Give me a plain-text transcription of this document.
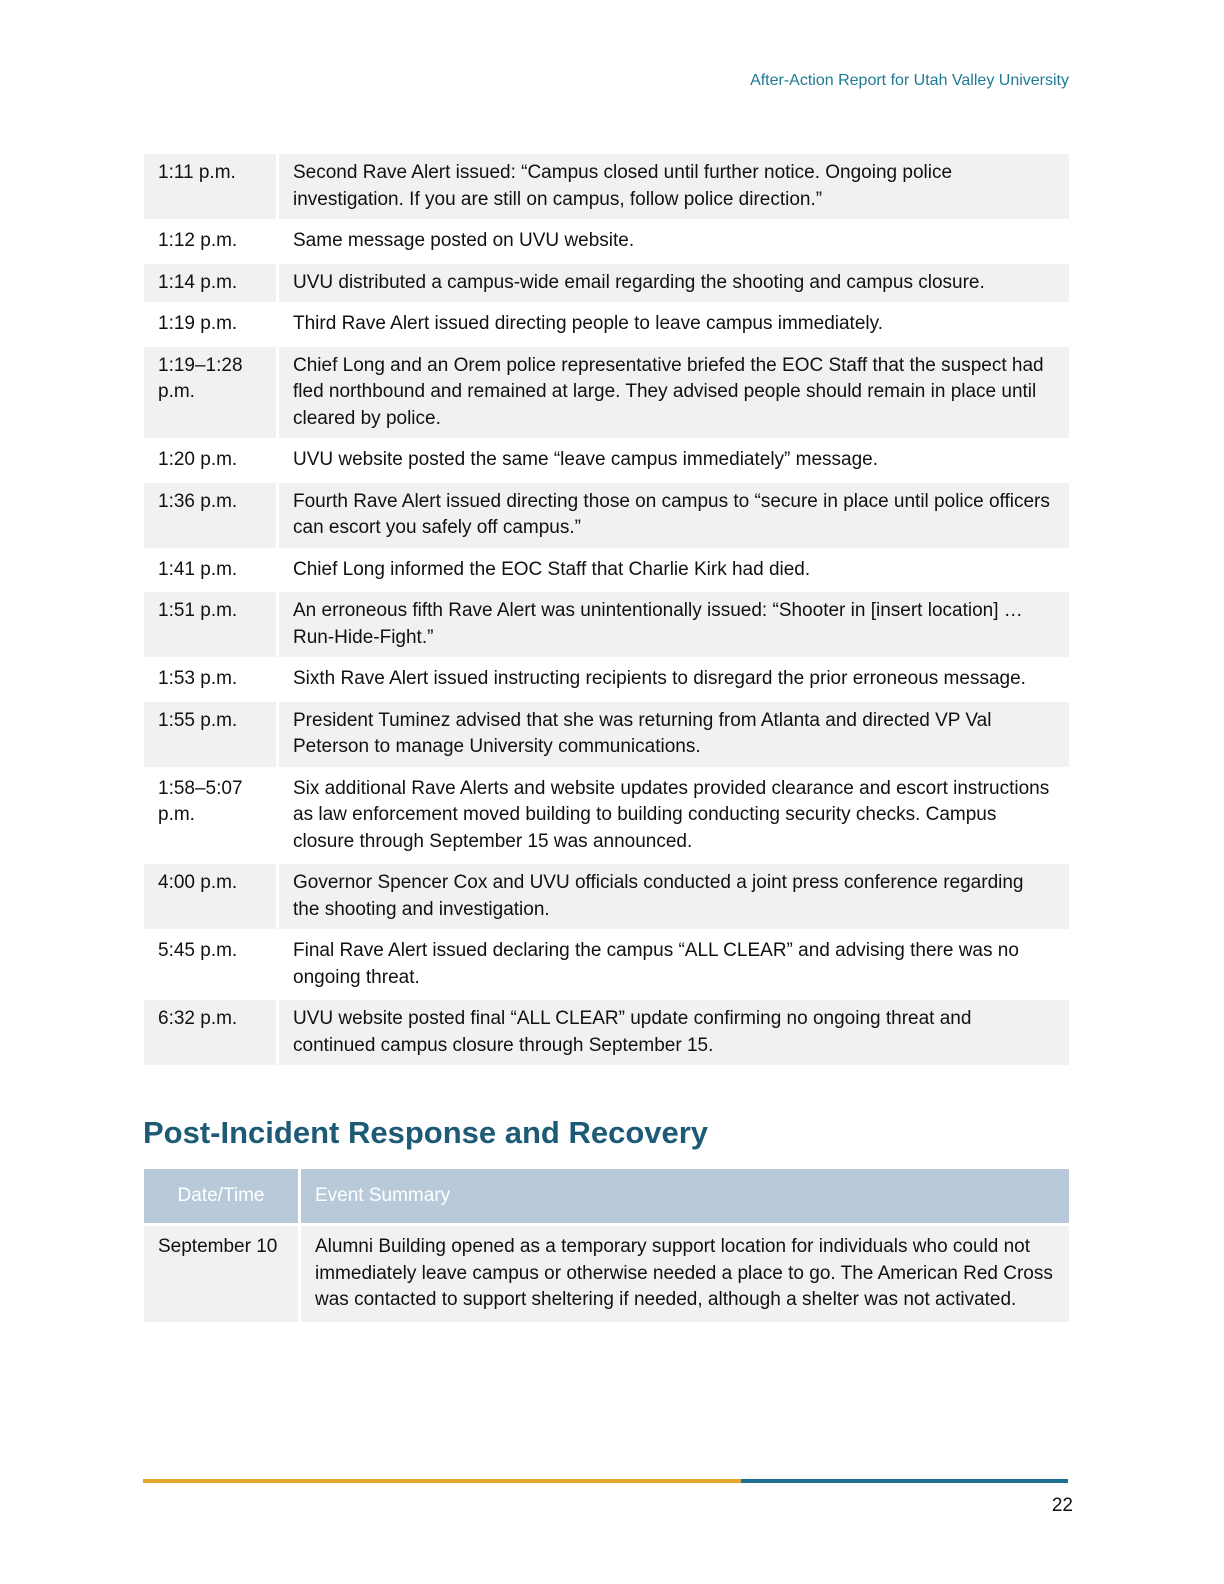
After-Action Report for Utah Valley University
1:11 p.m.	Second Rave Alert issued: “Campus closed until further notice. Ongoing police investigation. If you are still on campus, follow police direction.”
1:12 p.m.	Same message posted on UVU website.
1:14 p.m.	UVU distributed a campus-wide email regarding the shooting and campus closure.
1:19 p.m.	Third Rave Alert issued directing people to leave campus immediately.
1:19–1:28 p.m.	Chief Long and an Orem police representative briefed the EOC Staff that the suspect had fled northbound and remained at large. They advised people should remain in place until cleared by police.
1:20 p.m.	UVU website posted the same “leave campus immediately” message.
1:36 p.m.	Fourth Rave Alert issued directing those on campus to “secure in place until police officers can escort you safely off campus.”
1:41 p.m.	Chief Long informed the EOC Staff that Charlie Kirk had died.
1:51 p.m.	An erroneous fifth Rave Alert was unintentionally issued: “Shooter in [insert location] … Run-Hide-Fight.”
1:53 p.m.	Sixth Rave Alert issued instructing recipients to disregard the prior erroneous message.
1:55 p.m.	President Tuminez advised that she was returning from Atlanta and directed VP Val Peterson to manage University communications.
1:58–5:07 p.m.	Six additional Rave Alerts and website updates provided clearance and escort instructions as law enforcement moved building to building conducting security checks. Campus closure through September 15 was announced.
4:00 p.m.	Governor Spencer Cox and UVU officials conducted a joint press conference regarding the shooting and investigation.
5:45 p.m.	Final Rave Alert issued declaring the campus “ALL CLEAR” and advising there was no ongoing threat.
6:32 p.m.	UVU website posted final “ALL CLEAR” update confirming no ongoing threat and continued campus closure through September 15.
Post-Incident Response and Recovery
Date/Time	Event Summary
September 10	Alumni Building opened as a temporary support location for individuals who could not immediately leave campus or otherwise needed a place to go. The American Red Cross was contacted to support sheltering if needed, although a shelter was not activated.
22
